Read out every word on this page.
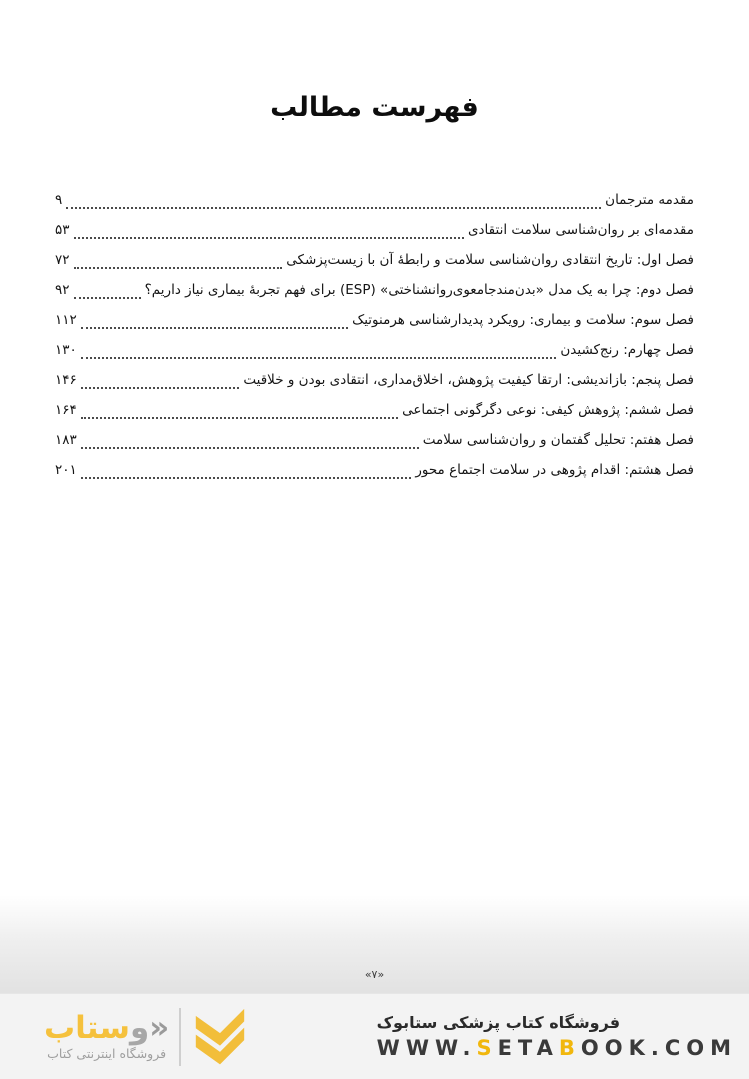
فهرست مطالب
مقدمه مترجمان
۹
مقدمه‌ای بر روان‌شناسی سلامت انتقادی
۵۳
فصل اول: تاریخ انتقادی روان‌شناسی سلامت و رابطهٔ آن با زیست‌پزشکی
۷۲
فصل دوم: چرا به یک مدل «بدن‌مندجامعوی‌روانشناختی» (ESP) برای فهم تجربهٔ بیماری نیاز داریم؟
۹۲
فصل سوم: سلامت و بیماری: رویکرد پدیدارشناسی هرمنوتیک
۱۱۲
فصل چهارم: رنج‌کشیدن
۱۳۰
فصل پنجم: بازاندیشی: ارتقا کیفیت پژوهش، اخلاق‌مداری، انتقادی بودن و خلاقیت
۱۴۶
فصل ششم: پژوهش کیفی: نوعی دگرگونی اجتماعی
۱۶۴
فصل هفتم: تحلیل گفتمان و روان‌شناسی سلامت
۱۸۳
فصل هشتم: اقدام پژوهی در سلامت اجتماع محور
۲۰۱
«۷»
«وستاب
فروشگاه اینترنتی کتاب
فروشگاه کتاب پزشکی ستابوک
WWW.SETABOOK.COM
